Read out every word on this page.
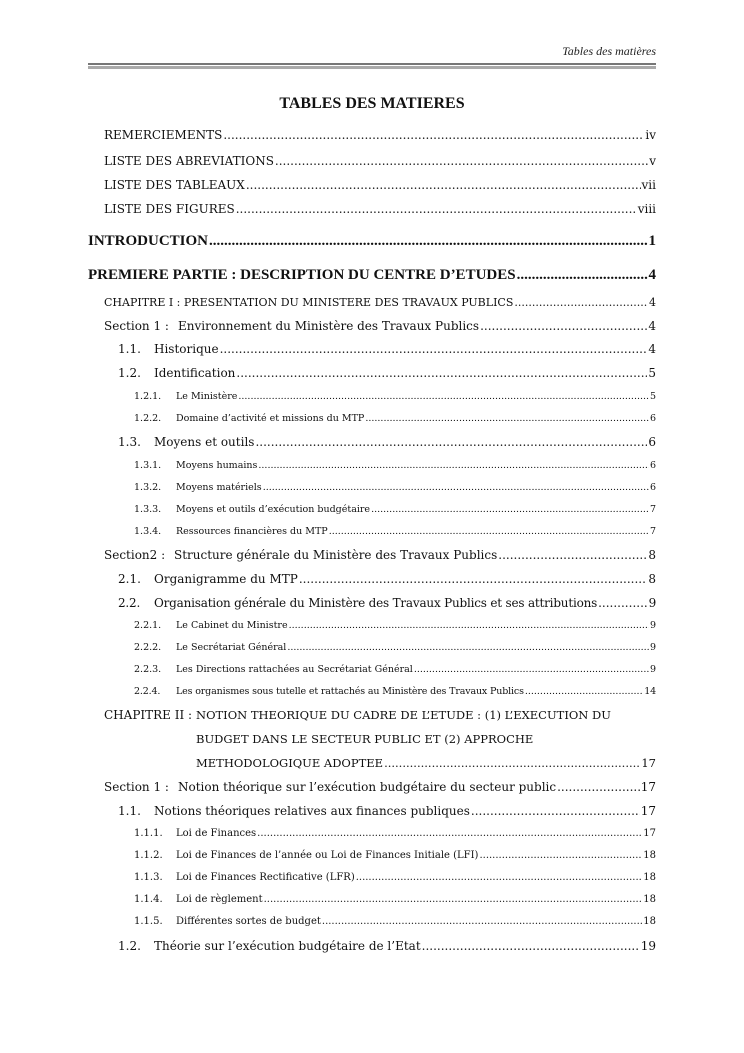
Tables des matières
TABLES DES MATIERES
REMERCIEMENTS .....	iv
LISTE DES ABREVIATIONS .....	v
LISTE DES TABLEAUX .....	vii
LISTE DES FIGURES .....	viii
INTRODUCTION .....	1
PREMIERE PARTIE : DESCRIPTION DU CENTRE D’ETUDES .....	4
CHAPITRE I : PRESENTATION DU MINISTERE DES TRAVAUX PUBLICS .....	4
Section 1 : Environnement du Ministère des Travaux Publics .....	4
1.1.	Historique .....	4
1.2.	Identification .....	5
1.2.1.	Le Ministère .....	5
1.2.2.	Domaine d’activité et missions du MTP .....	6
1.3.	Moyens et outils .....	6
1.3.1.	Moyens humains .....	6
1.3.2.	Moyens matériels .....	6
1.3.3.	Moyens et outils d’exécution budgétaire .....	7
1.3.4.	Ressources financières du MTP .....	7
Section2 : Structure générale du Ministère des Travaux Publics .....	8
2.1.	Organigramme du MTP .....	8
2.2.	Organisation générale du Ministère des Travaux Publics et ses attributions .....	9
2.2.1.	Le Cabinet du Ministre .....	9
2.2.2.	Le Secrétariat Général .....	9
2.2.3.	Les Directions rattachées au Secrétariat Général .....	9
2.2.4.	Les organismes sous tutelle et rattachés au Ministère des Travaux Publics .....	14
CHAPITRE II : NOTION THEORIQUE DU CADRE DE L’ETUDE : (1) L’EXECUTION DU
BUDGET DANS LE SECTEUR PUBLIC ET (2) APPROCHE
METHODOLOGIQUE ADOPTEE .....	17
Section 1 : Notion théorique sur l’exécution budgétaire du secteur public .....	17
1.1.	Notions théoriques relatives aux finances publiques .....	17
1.1.1.	Loi de Finances .....	17
1.1.2.	Loi de Finances de l’année ou Loi de Finances Initiale (LFI) .....	18
1.1.3.	Loi de Finances Rectificative (LFR) .....	18
1.1.4.	Loi de règlement .....	18
1.1.5.	Différentes sortes de budget .....	18
1.2.	Théorie sur l’exécution budgétaire de l’Etat .....	19
